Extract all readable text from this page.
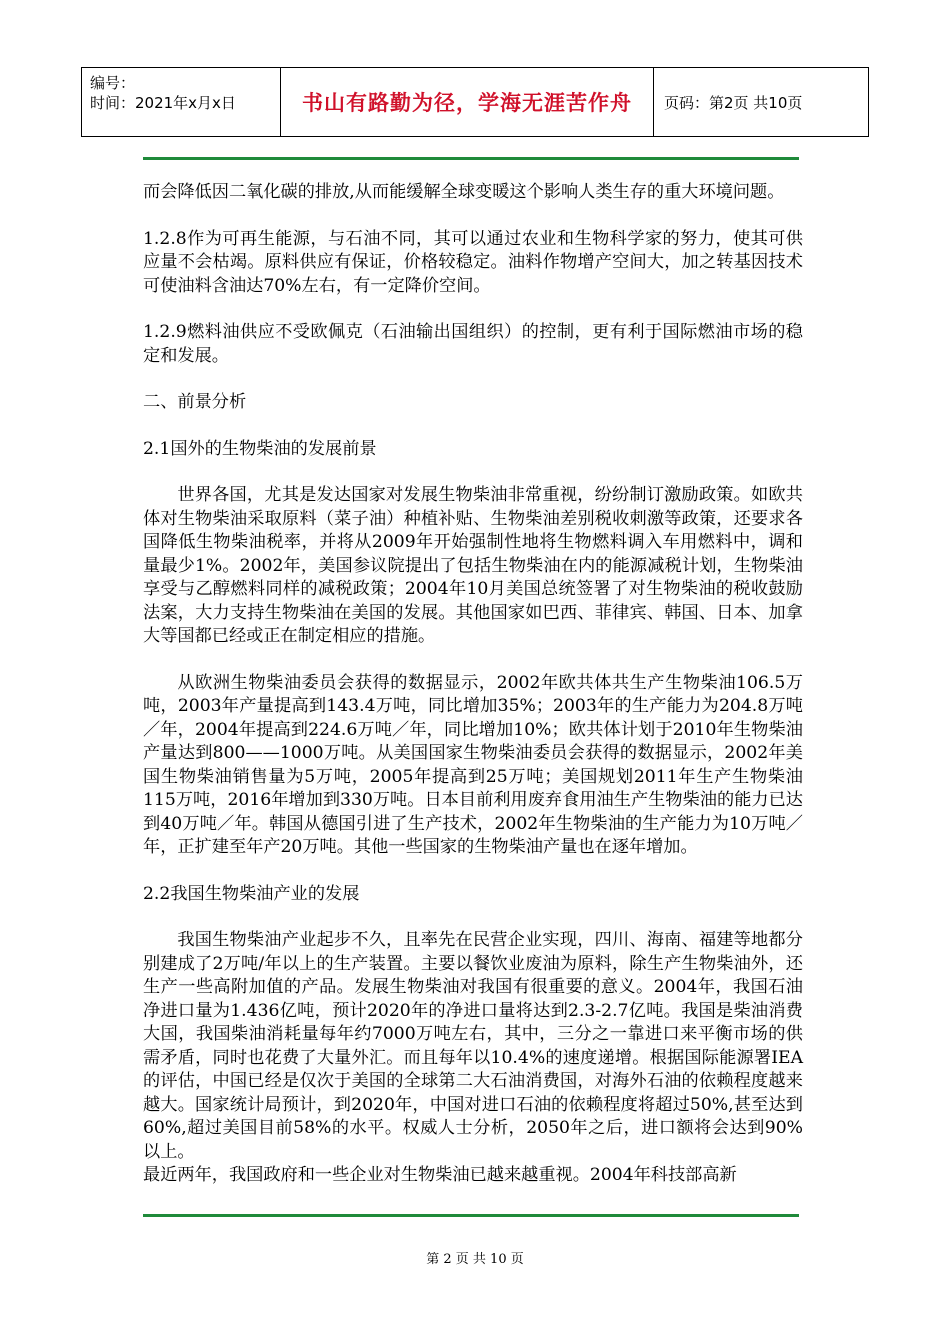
编号：
时间：2021年x月x日	书山有路勤为径，学海无涯苦作舟	页码：第2页 共10页

而会降低因二氧化碳的排放,从而能缓解全球变暖这个影响人类生存的重大环境问题。

1.2.8作为可再生能源，与石油不同，其可以通过农业和生物科学家的努力，使其可供应量不会枯竭。原料供应有保证，价格较稳定。油料作物增产空间大，加之转基因技术可使油料含油达70%左右，有一定降价空间。

1.2.9燃料油供应不受欧佩克（石油输出国组织）的控制，更有利于国际燃油市场的稳定和发展。

二、前景分析

2.1国外的生物柴油的发展前景

世界各国，尤其是发达国家对发展生物柴油非常重视，纷纷制订激励政策。如欧共体对生物柴油采取原料（菜子油）种植补贴、生物柴油差别税收刺激等政策，还要求各国降低生物柴油税率，并将从2009年开始强制性地将生物燃料调入车用燃料中，调和量最少1%。2002年，美国参议院提出了包括生物柴油在内的能源减税计划，生物柴油享受与乙醇燃料同样的减税政策；2004年10月美国总统签署了对生物柴油的税收鼓励法案，大力支持生物柴油在美国的发展。其他国家如巴西、菲律宾、韩国、日本、加拿大等国都已经或正在制定相应的措施。

从欧洲生物柴油委员会获得的数据显示，2002年欧共体共生产生物柴油106.5万吨，2003年产量提高到143.4万吨，同比增加35%；2003年的生产能力为204.8万吨／年，2004年提高到224.6万吨／年，同比增加10%；欧共体计划于2010年生物柴油产量达到800——1000万吨。从美国国家生物柴油委员会获得的数据显示，2002年美国生物柴油销售量为5万吨，2005年提高到25万吨；美国规划2011年生产生物柴油115万吨，2016年增加到330万吨。日本目前利用废弃食用油生产生物柴油的能力已达到40万吨／年。韩国从德国引进了生产技术，2002年生物柴油的生产能力为10万吨／年，正扩建至年产20万吨。其他一些国家的生物柴油产量也在逐年增加。

2.2我国生物柴油产业的发展

我国生物柴油产业起步不久，且率先在民营企业实现，四川、海南、福建等地都分别建成了2万吨/年以上的生产装置。主要以餐饮业废油为原料，除生产生物柴油外，还生产一些高附加值的产品。发展生物柴油对我国有很重要的意义。2004年，我国石油净进口量为1.436亿吨，预计2020年的净进口量将达到2.3-2.7亿吨。我国是柴油消费大国，我国柴油消耗量每年约7000万吨左右，其中，三分之一靠进口来平衡市场的供需矛盾，同时也花费了大量外汇。而且每年以10.4%的速度递增。根据国际能源署IEA的评估，中国已经是仅次于美国的全球第二大石油消费国，对海外石油的依赖程度越来越大。国家统计局预计，到2020年，中国对进口石油的依赖程度将超过50%,甚至达到60%,超过美国目前58%的水平。权威人士分析，2050年之后，进口额将会达到90%以上。

最近两年，我国政府和一些企业对生物柴油已越来越重视。2004年科技部高新

第 2 页 共 10 页
